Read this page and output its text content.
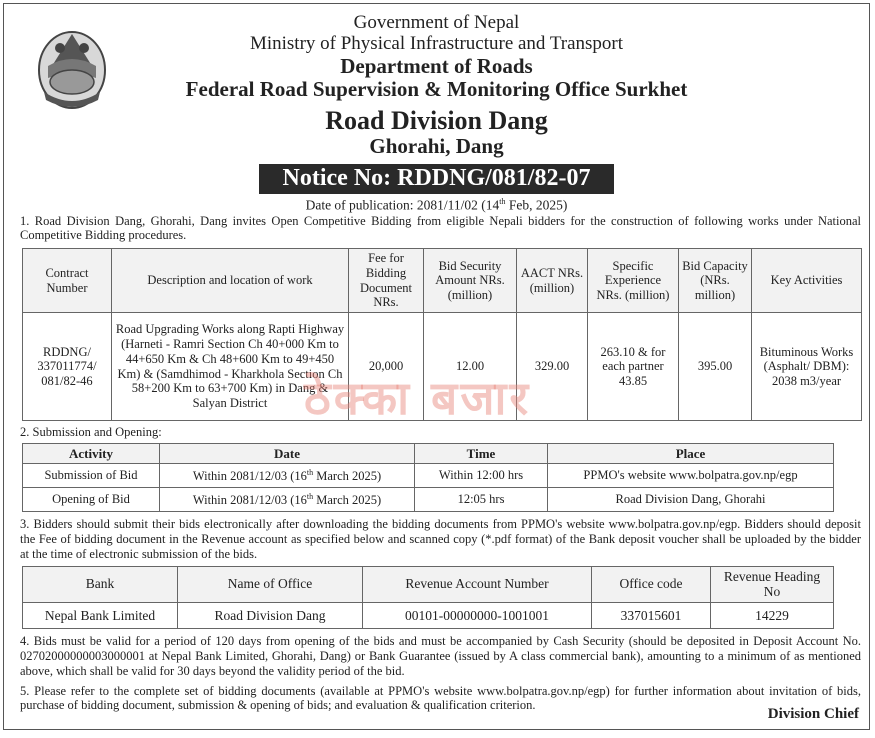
Government of Nepal
Ministry of Physical Infrastructure and Transport
Department of Roads
Federal Road Supervision & Monitoring Office Surkhet
Road Division Dang
Ghorahi, Dang
Notice No: RDDNG/081/82-07
Date of publication: 2081/11/02 (14th Feb, 2025)
1. Road Division Dang, Ghorahi, Dang invites Open Competitive Bidding from eligible Nepali bidders for the construction of following works under National Competitive Bidding procedures.
Contract Number	Description and location of work	Fee for Bidding Document NRs.	Bid Security Amount NRs. (million)	AACT NRs. (million)	Specific Experience NRs. (million)	Bid Capacity (NRs. million)	Key Activities
RDDNG/ 337011774/ 081/82-46	Road Upgrading Works along Rapti Highway (Harneti - Ramri Section Ch 40+000 Km to 44+650 Km & Ch 48+600 Km to 49+450 Km) & (Samdhimod - Kharkhola Section Ch 58+200 Km to 63+700 Km) in Dang & Salyan District	20,000	12.00	329.00	263.10 & for each partner 43.85	395.00	Bituminous Works (Asphalt/ DBM): 2038 m3/year
2. Submission and Opening:
Activity	Date	Time	Place
Submission of Bid	Within 2081/12/03 (16th March 2025)	Within 12:00 hrs	PPMO's website www.bolpatra.gov.np/egp
Opening of Bid	Within 2081/12/03 (16th March 2025)	12:05 hrs	Road Division Dang, Ghorahi
3. Bidders should submit their bids electronically after downloading the bidding documents from PPMO's website www.bolpatra.gov.np/egp. Bidders should deposit the Fee of bidding document in the Revenue account as specified below and scanned copy (*.pdf format) of the Bank deposit voucher shall be uploaded by the bidder at the time of electronic submission of the bids.
Bank	Name of Office	Revenue Account Number	Office code	Revenue Heading No
Nepal Bank Limited	Road Division Dang	00101-00000000-1001001	337015601	14229
4. Bids must be valid for a period of 120 days from opening of the bids and must be accompanied by Cash Security (should be deposited in Deposit Account No. 02702000000003000001 at Nepal Bank Limited, Ghorahi, Dang) or Bank Guarantee (issued by A class commercial bank), amounting to a minimum of as mentioned above, which shall be valid for 30 days beyond the validity period of the bid.
5. Please refer to the complete set of bidding documents (available at PPMO's website www.bolpatra.gov.np/egp) for further information about invitation of bids, purchase of bidding document, submission & opening of bids; and evaluation & qualification criterion.
ठेक्का बजार
Division Chief
